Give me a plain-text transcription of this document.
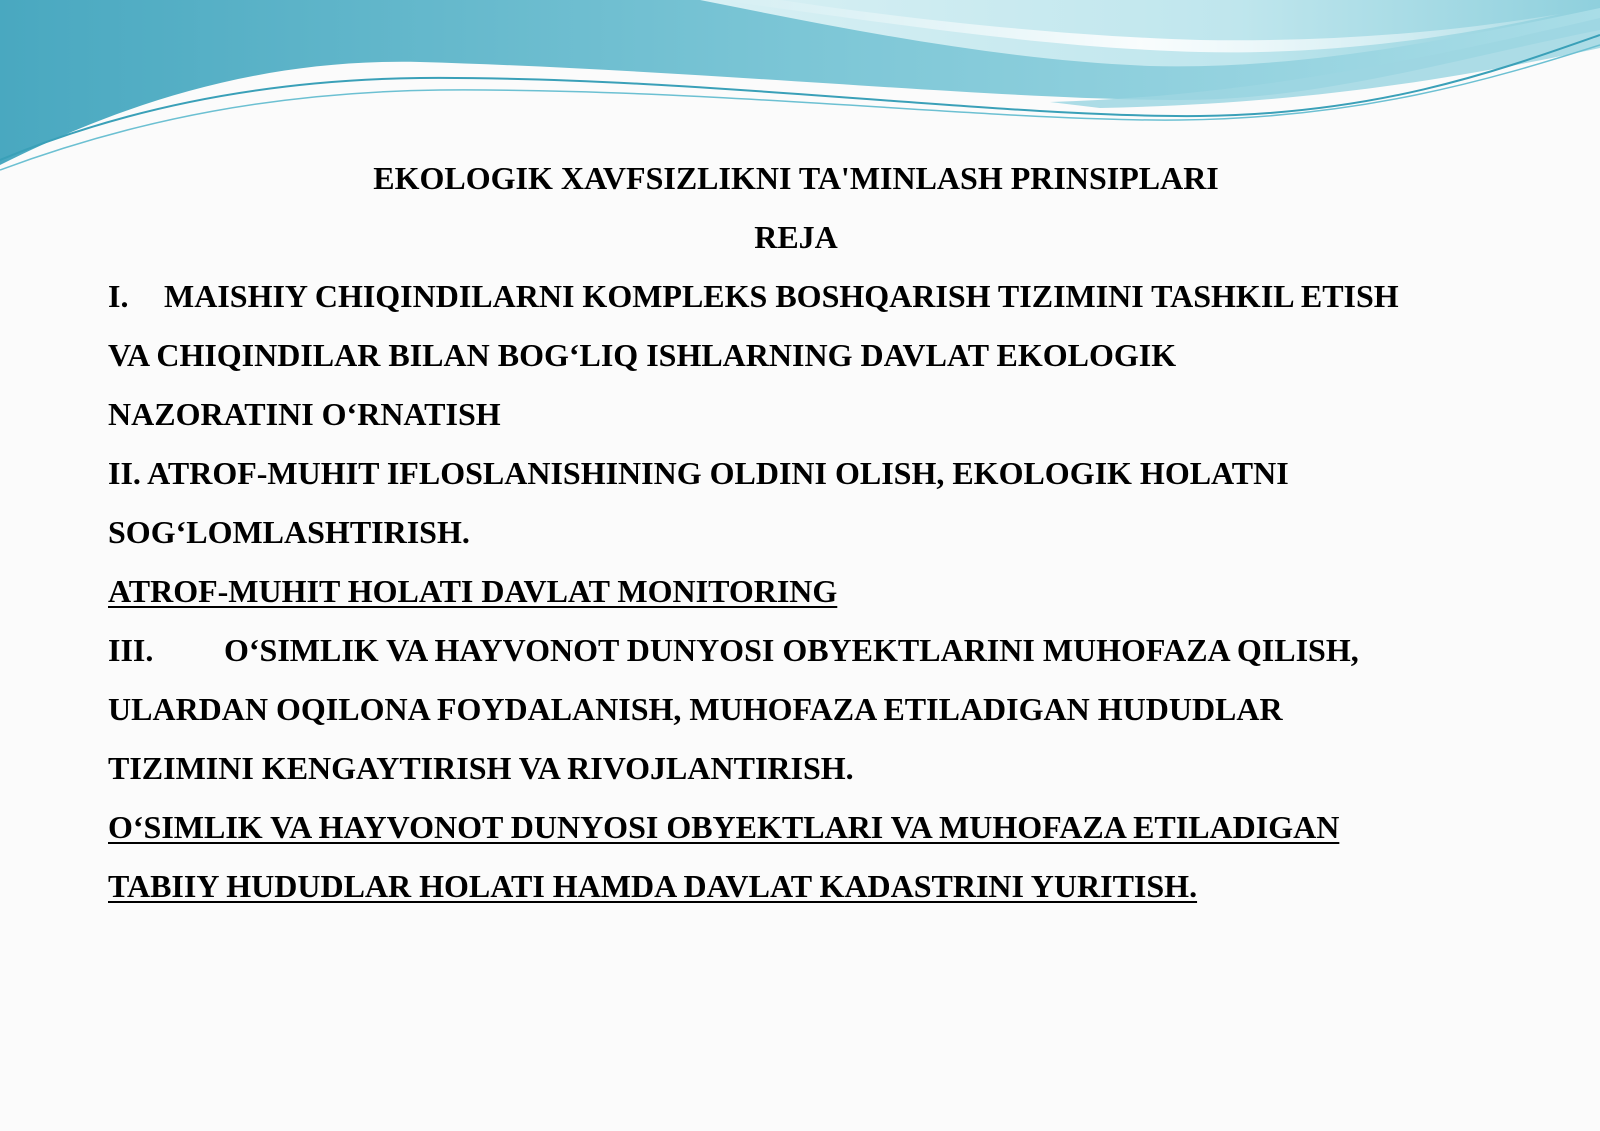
EKOLOGIK XAVFSIZLIKNI TA'MINLASH PRINSIPLARI

REJA

I. MAISHIY CHIQINDILARNI KOMPLEKS BOSHQARISH TIZIMINI TASHKIL ETISH

VA CHIQINDILAR BILAN BOG‘LIQ ISHLARNING DAVLAT EKOLOGIK

NAZORATINI O‘RNATISH

II. ATROF-MUHIT IFLOSLANISHINING OLDINI OLISH, EKOLOGIK HOLATNI

SOG‘LOMLASHTIRISH.

ATROF-MUHIT HOLATI DAVLAT MONITORING

III. O‘SIMLIK VA HAYVONOT DUNYOSI OBYEKTLARINI MUHOFAZA QILISH,

ULARDAN OQILONA FOYDALANISH, MUHOFAZA ETILADIGAN HUDUDLAR

TIZIMINI KENGAYTIRISH VA RIVOJLANTIRISH.

O‘SIMLIK VA HAYVONOT DUNYOSI OBYEKTLARI VA MUHOFAZA ETILADIGAN

TABIIY HUDUDLAR HOLATI HAMDA DAVLAT KADASTRINI YURITISH.
